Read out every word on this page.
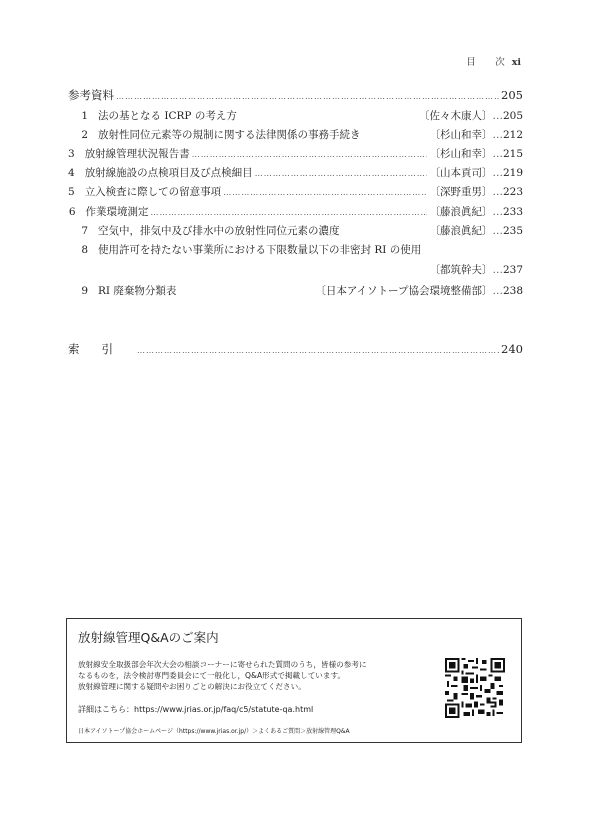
目　次 xi
参考資料 …………………………………………………………………………………………………………………………………………………………………………………………………………………………	205
1 法の基となる ICRP の考え方	〔佐々木康人〕 … 205
2 放射性同位元素等の規制に関する法律関係の事務手続き	〔杉山和幸〕 … 212
3 放射線管理状況報告書 …………………………………………………………………………………………………………………………………………………………………………………………………………………………	〔杉山和幸〕 … 215
4 放射線施設の点検項目及び点検細目 …………………………………………………………………………………………………………………………………………………………………………………………………………………………	〔山本貢司〕 … 219
5 立入検査に際しての留意事項 …………………………………………………………………………………………………………………………………………………………………………………………………………………………	〔深野重男〕 … 223
6 作業環境測定 …………………………………………………………………………………………………………………………………………………………………………………………………………………………	〔藤浪眞紀〕 … 233
7 空気中，排気中及び排水中の放射性同位元素の濃度	〔藤浪眞紀〕 … 235
8 使用許可を持たない事業所における下限数量以下の非密封 RI の使用
〔都筑幹夫〕 … 237
9 RI 廃棄物分類表	〔日本アイソトープ協会環境整備部〕 … 238
索引 …………………………………………………………………………………………………………………………………………………………………………………………………………………………	240
放射線管理Q&Aのご案内

放射線安全取扱部会年次大会の相談コーナーに寄せられた質問のうち，皆様の参考に

なるものを，法令検討専門委員会にて一般化し，Q&A形式で掲載しています。

放射線管理に関する疑問やお困りごとの解決にお役立てください。

詳細はこちら：https://www.jrias.or.jp/faq/c5/statute-qa.html
日本アイソトープ協会ホームページ（https://www.jrias.or.jp/）＞よくあるご質問＞放射線管理Q&A
